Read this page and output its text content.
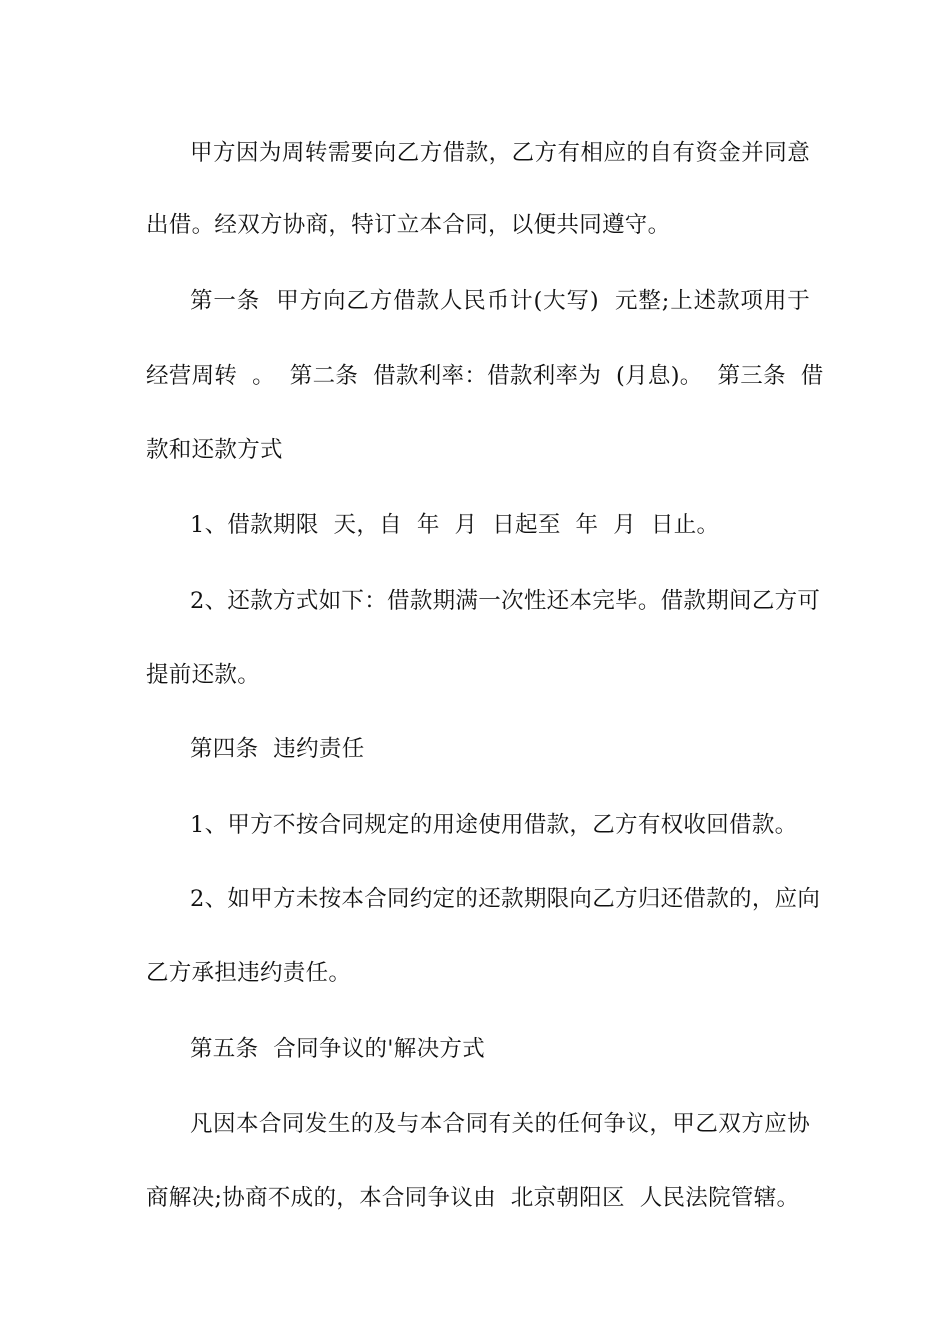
甲方因为周转需要向乙方借款，乙方有相应的自有资金并同意
出借。经双方协商，特订立本合同，以便共同遵守。
第一条  甲方向乙方借款人民币计(大写)  元整;上述款项用于
经营周转  。  第二条  借款利率：借款利率为  (月息)。  第三条  借
款和还款方式
1、借款期限  天，自  年  月  日起至  年  月  日止。
2、还款方式如下：借款期满一次性还本完毕。借款期间乙方可
提前还款。
第四条  违约责任
1、甲方不按合同规定的用途使用借款，乙方有权收回借款。
2、如甲方未按本合同约定的还款期限向乙方归还借款的，应向
乙方承担违约责任。
第五条  合同争议的'解决方式
凡因本合同发生的及与本合同有关的任何争议，甲乙双方应协
商解决;协商不成的，本合同争议由  北京朝阳区  人民法院管辖。
